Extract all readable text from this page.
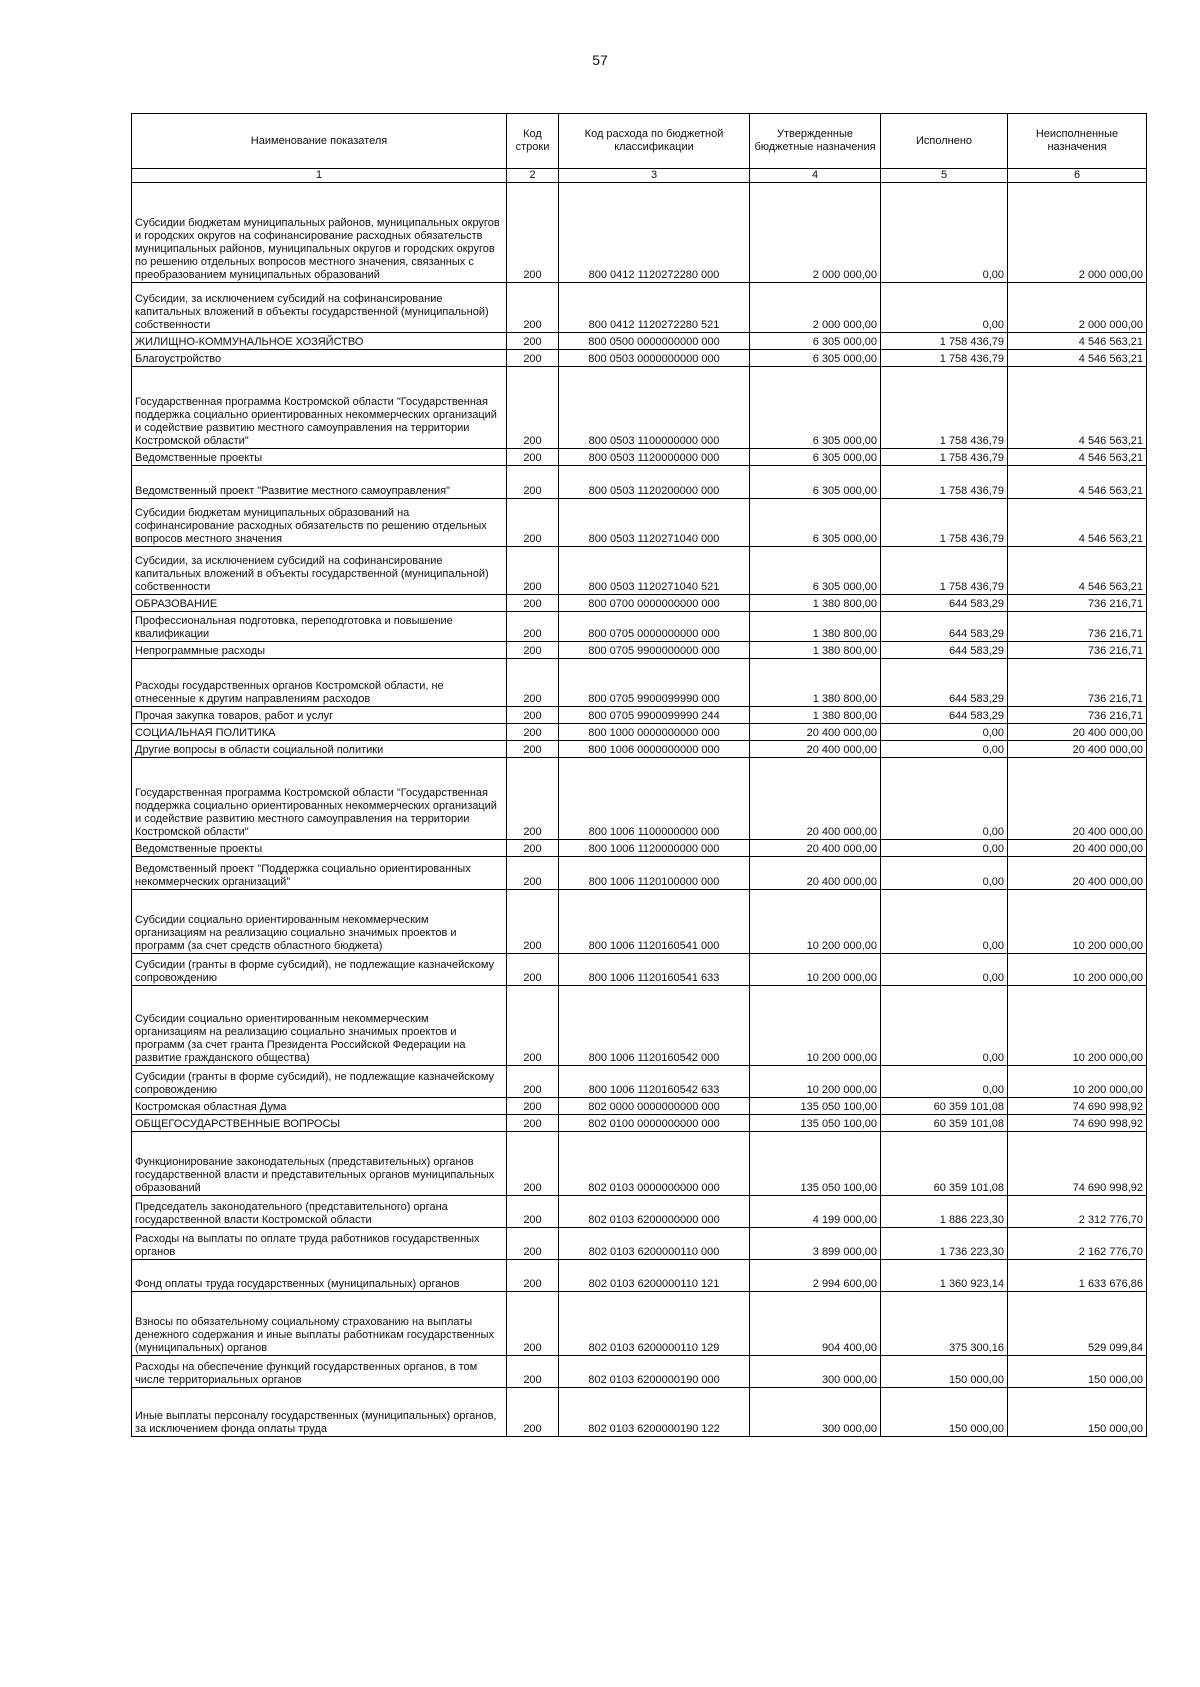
57
Наименование показателя	Код строки	Код расхода по бюджетной классификации	Утвержденные бюджетные назначения	Исполнено	Неисполненные назначения
1	2	3	4	5	6
Субсидии бюджетам муниципальных районов, муниципальных округов и городских округов на софинансирование расходных обязательств муниципальных районов, муниципальных округов и городских округов по решению отдельных вопросов местного значения, связанных с преобразованием муниципальных образований	200	800 0412 1120272280 000	2 000 000,00	0,00	2 000 000,00
Субсидии, за исключением субсидий на софинансирование капитальных вложений в объекты государственной (муниципальной) собственности	200	800 0412 1120272280 521	2 000 000,00	0,00	2 000 000,00
ЖИЛИЩНО-КОММУНАЛЬНОЕ ХОЗЯЙСТВО	200	800 0500 0000000000 000	6 305 000,00	1 758 436,79	4 546 563,21
Благоустройство	200	800 0503 0000000000 000	6 305 000,00	1 758 436,79	4 546 563,21
Государственная программа Костромской области "Государственная поддержка социально ориентированных некоммерческих организаций и содействие развитию местного самоуправления на территории Костромской области"	200	800 0503 1100000000 000	6 305 000,00	1 758 436,79	4 546 563,21
Ведомственные проекты	200	800 0503 1120000000 000	6 305 000,00	1 758 436,79	4 546 563,21
Ведомственный проект "Развитие местного самоуправления"	200	800 0503 1120200000 000	6 305 000,00	1 758 436,79	4 546 563,21
Субсидии бюджетам муниципальных образований на софинансирование расходных обязательств по решению отдельных вопросов местного значения	200	800 0503 1120271040 000	6 305 000,00	1 758 436,79	4 546 563,21
Субсидии, за исключением субсидий на софинансирование капитальных вложений в объекты государственной (муниципальной) собственности	200	800 0503 1120271040 521	6 305 000,00	1 758 436,79	4 546 563,21
ОБРАЗОВАНИЕ	200	800 0700 0000000000 000	1 380 800,00	644 583,29	736 216,71
Профессиональная подготовка, переподготовка и повышение квалификации	200	800 0705 0000000000 000	1 380 800,00	644 583,29	736 216,71
Непрограммные расходы	200	800 0705 9900000000 000	1 380 800,00	644 583,29	736 216,71
Расходы государственных органов Костромской области, не отнесенные к другим направлениям расходов	200	800 0705 9900099990 000	1 380 800,00	644 583,29	736 216,71
Прочая закупка товаров, работ и услуг	200	800 0705 9900099990 244	1 380 800,00	644 583,29	736 216,71
СОЦИАЛЬНАЯ ПОЛИТИКА	200	800 1000 0000000000 000	20 400 000,00	0,00	20 400 000,00
Другие вопросы в области социальной политики	200	800 1006 0000000000 000	20 400 000,00	0,00	20 400 000,00
Государственная программа Костромской области "Государственная поддержка социально ориентированных некоммерческих организаций и содействие развитию местного самоуправления на территории Костромской области"	200	800 1006 1100000000 000	20 400 000,00	0,00	20 400 000,00
Ведомственные проекты	200	800 1006 1120000000 000	20 400 000,00	0,00	20 400 000,00
Ведомственный проект "Поддержка социально ориентированных некоммерческих организаций"	200	800 1006 1120100000 000	20 400 000,00	0,00	20 400 000,00
Субсидии социально ориентированным некоммерческим организациям на реализацию социально значимых проектов и программ (за счет средств областного бюджета)	200	800 1006 1120160541 000	10 200 000,00	0,00	10 200 000,00
Субсидии (гранты в форме субсидий), не подлежащие казначейскому сопровождению	200	800 1006 1120160541 633	10 200 000,00	0,00	10 200 000,00
Субсидии социально ориентированным некоммерческим организациям на реализацию социально значимых проектов и программ (за счет гранта Президента Российской Федерации на развитие гражданского общества)	200	800 1006 1120160542 000	10 200 000,00	0,00	10 200 000,00
Субсидии (гранты в форме субсидий), не подлежащие казначейскому сопровождению	200	800 1006 1120160542 633	10 200 000,00	0,00	10 200 000,00
Костромская областная Дума	200	802 0000 0000000000 000	135 050 100,00	60 359 101,08	74 690 998,92
ОБЩЕГОСУДАРСТВЕННЫЕ ВОПРОСЫ	200	802 0100 0000000000 000	135 050 100,00	60 359 101,08	74 690 998,92
Функционирование законодательных (представительных) органов государственной власти и представительных органов муниципальных образований	200	802 0103 0000000000 000	135 050 100,00	60 359 101,08	74 690 998,92
Председатель законодательного (представительного) органа государственной власти Костромской области	200	802 0103 6200000000 000	4 199 000,00	1 886 223,30	2 312 776,70
Расходы на выплаты по оплате труда работников государственных органов	200	802 0103 6200000110 000	3 899 000,00	1 736 223,30	2 162 776,70
Фонд оплаты труда государственных (муниципальных) органов	200	802 0103 6200000110 121	2 994 600,00	1 360 923,14	1 633 676,86
Взносы по обязательному социальному страхованию на выплаты денежного содержания и иные выплаты работникам государственных (муниципальных) органов	200	802 0103 6200000110 129	904 400,00	375 300,16	529 099,84
Расходы на обеспечение функций государственных органов, в том числе территориальных органов	200	802 0103 6200000190 000	300 000,00	150 000,00	150 000,00
Иные выплаты персоналу государственных (муниципальных) органов, за исключением фонда оплаты труда	200	802 0103 6200000190 122	300 000,00	150 000,00	150 000,00
